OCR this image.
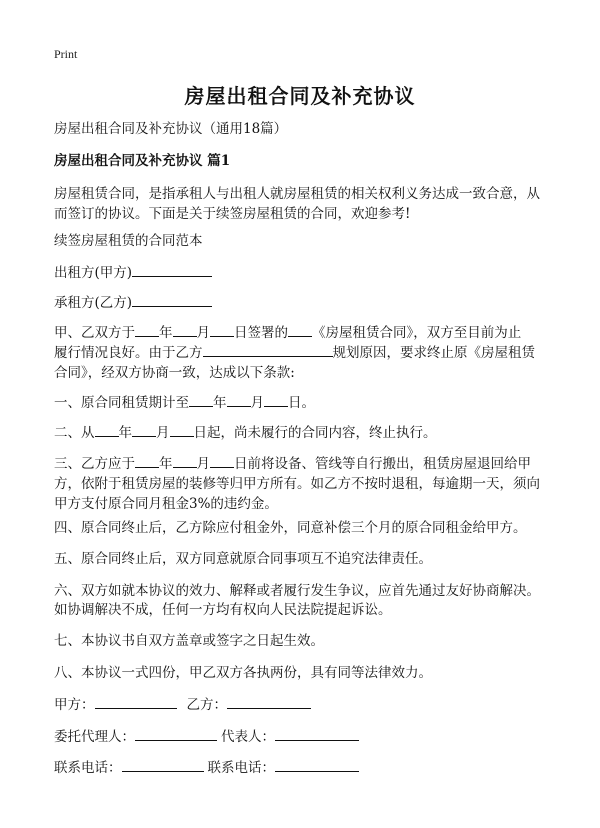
Print
房屋出租合同及补充协议
房屋出租合同及补充协议（通用18篇）
房屋出租合同及补充协议 篇1
房屋租赁合同，是指承租人与出租人就房屋租赁的相关权利义务达成一致合意，从
而签订的协议。下面是关于续签房屋租赁的合同，欢迎参考!
续签房屋租赁的合同范本
出租方(甲方)
承租方(乙方)
甲、乙双方于 年 月 日签署的 《房屋租赁合同》，双方至目前为止
履行情况良好。由于乙方	规划原因，要求终止原《房屋租赁
合同》，经双方协商一致，达成以下条款:
一、原合同租赁期计至 年 月 日。
二、从 年 月 日起，尚未履行的合同内容，终止执行。
三、乙方应于 年 月 日前将设备、管线等自行搬出，租赁房屋退回给甲
方，依附于租赁房屋的装修等归甲方所有。如乙方不按时退租，每逾期一天，须向
甲方支付原合同月租金3%的违约金。
四、原合同终止后，乙方除应付租金外，同意补偿三个月的原合同租金给甲方。
五、原合同终止后，双方同意就原合同事项互不追究法律责任。
六、双方如就本协议的效力、解释或者履行发生争议，应首先通过友好协商解决。
如协调解决不成，任何一方均有权向人民法院提起诉讼。
七、本协议书自双方盖章或签字之日起生效。
八、本协议一式四份，甲乙双方各执两份，具有同等法律效力。
甲方：	乙方：
委托代理人：	代表人：
联系电话：	联系电话：
